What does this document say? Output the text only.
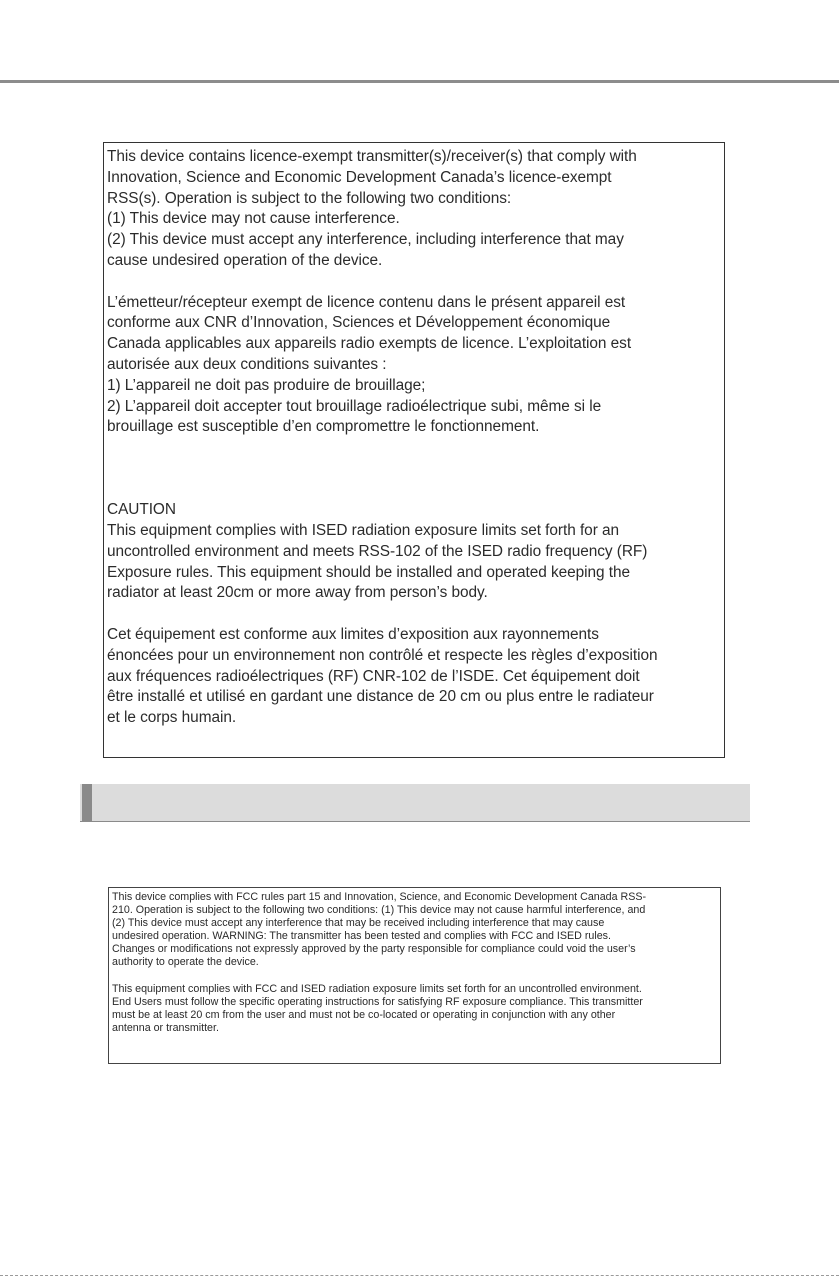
This device contains licence-exempt transmitter(s)/receiver(s) that comply with
Innovation, Science and Economic Development Canada’s licence-exempt
RSS(s). Operation is subject to the following two conditions:
(1) This device may not cause interference.
(2) This device must accept any interference, including interference that may
cause undesired operation of the device.

L’émetteur/récepteur exempt de licence contenu dans le présent appareil est
conforme aux CNR d’Innovation, Sciences et Développement économique
Canada applicables aux appareils radio exempts de licence. L’exploitation est
autorisée aux deux conditions suivantes :
1) L’appareil ne doit pas produire de brouillage;
2) L’appareil doit accepter tout brouillage radioélectrique subi, même si le
brouillage est susceptible d’en compromettre le fonctionnement.

CAUTION

This equipment complies with ISED radiation exposure limits set forth for an
uncontrolled environment and meets RSS-102 of the ISED radio frequency (RF)
Exposure rules. This equipment should be installed and operated keeping the
radiator at least 20cm or more away from person’s body.

Cet équipement est conforme aux limites d’exposition aux rayonnements
énoncées pour un environnement non contrôlé et respecte les règles d’exposition
aux fréquences radioélectriques (RF) CNR-102 de l’ISDE. Cet équipement doit
être installé et utilisé en gardant une distance de 20 cm ou plus entre le radiateur
et le corps humain.

This device complies with FCC rules part 15 and Innovation, Science, and Economic Development Canada RSS-
210. Operation is subject to the following two conditions: (1) This device may not cause harmful interference, and
(2) This device must accept any interference that may be received including interference that may cause
undesired operation. WARNING: The transmitter has been tested and complies with FCC and ISED rules.
Changes or modifications not expressly approved by the party responsible for compliance could void the user’s
authority to operate the device.

This equipment complies with FCC and ISED radiation exposure limits set forth for an uncontrolled environment.
End Users must follow the specific operating instructions for satisfying RF exposure compliance. This transmitter
must be at least 20 cm from the user and must not be co-located or operating in conjunction with any other
antenna or transmitter.
